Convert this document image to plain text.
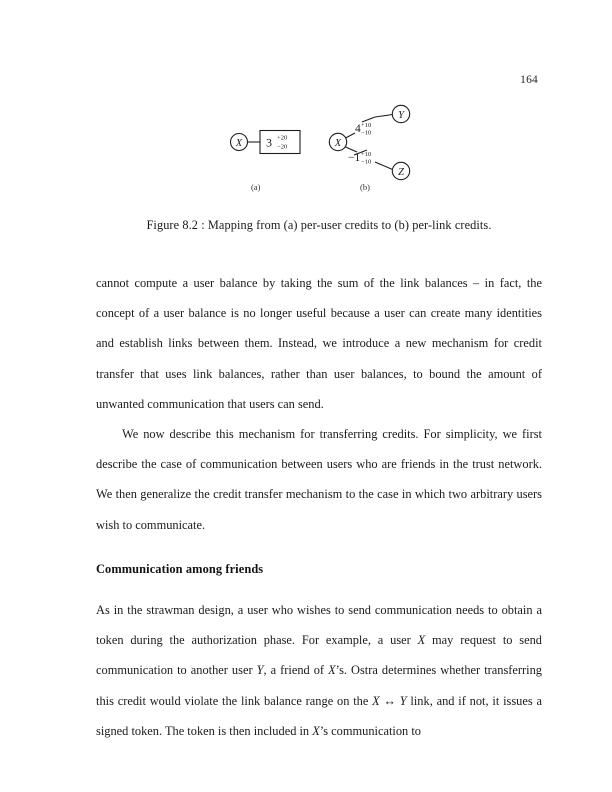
164
X 3 +20
−20	X
Y
Z
4 +10
−10
−1 +10
−10
(a)	(b)
Figure 8.2 : Mapping from (a) per-user credits to (b) per-link credits.

cannot compute a user balance by taking the sum of the link balances – in fact, the concept of a user balance is no longer useful because a user can create many identities and establish links between them. Instead, we introduce a new mechanism for credit transfer that uses link balances, rather than user balances, to bound the amount of unwanted communication that users can send.

We now describe this mechanism for transferring credits. For simplicity, we first describe the case of communication between users who are friends in the trust network. We then generalize the credit transfer mechanism to the case in which two arbitrary users wish to communicate.

Communication among friends

As in the strawman design, a user who wishes to send communication needs to obtain a token during the authorization phase. For example, a user X may request to send communication to another user Y, a friend of X’s. Ostra determines whether transferring this credit would violate the link balance range on the X ↔ Y link, and if not, it issues a signed token. The token is then included in X’s communication to
